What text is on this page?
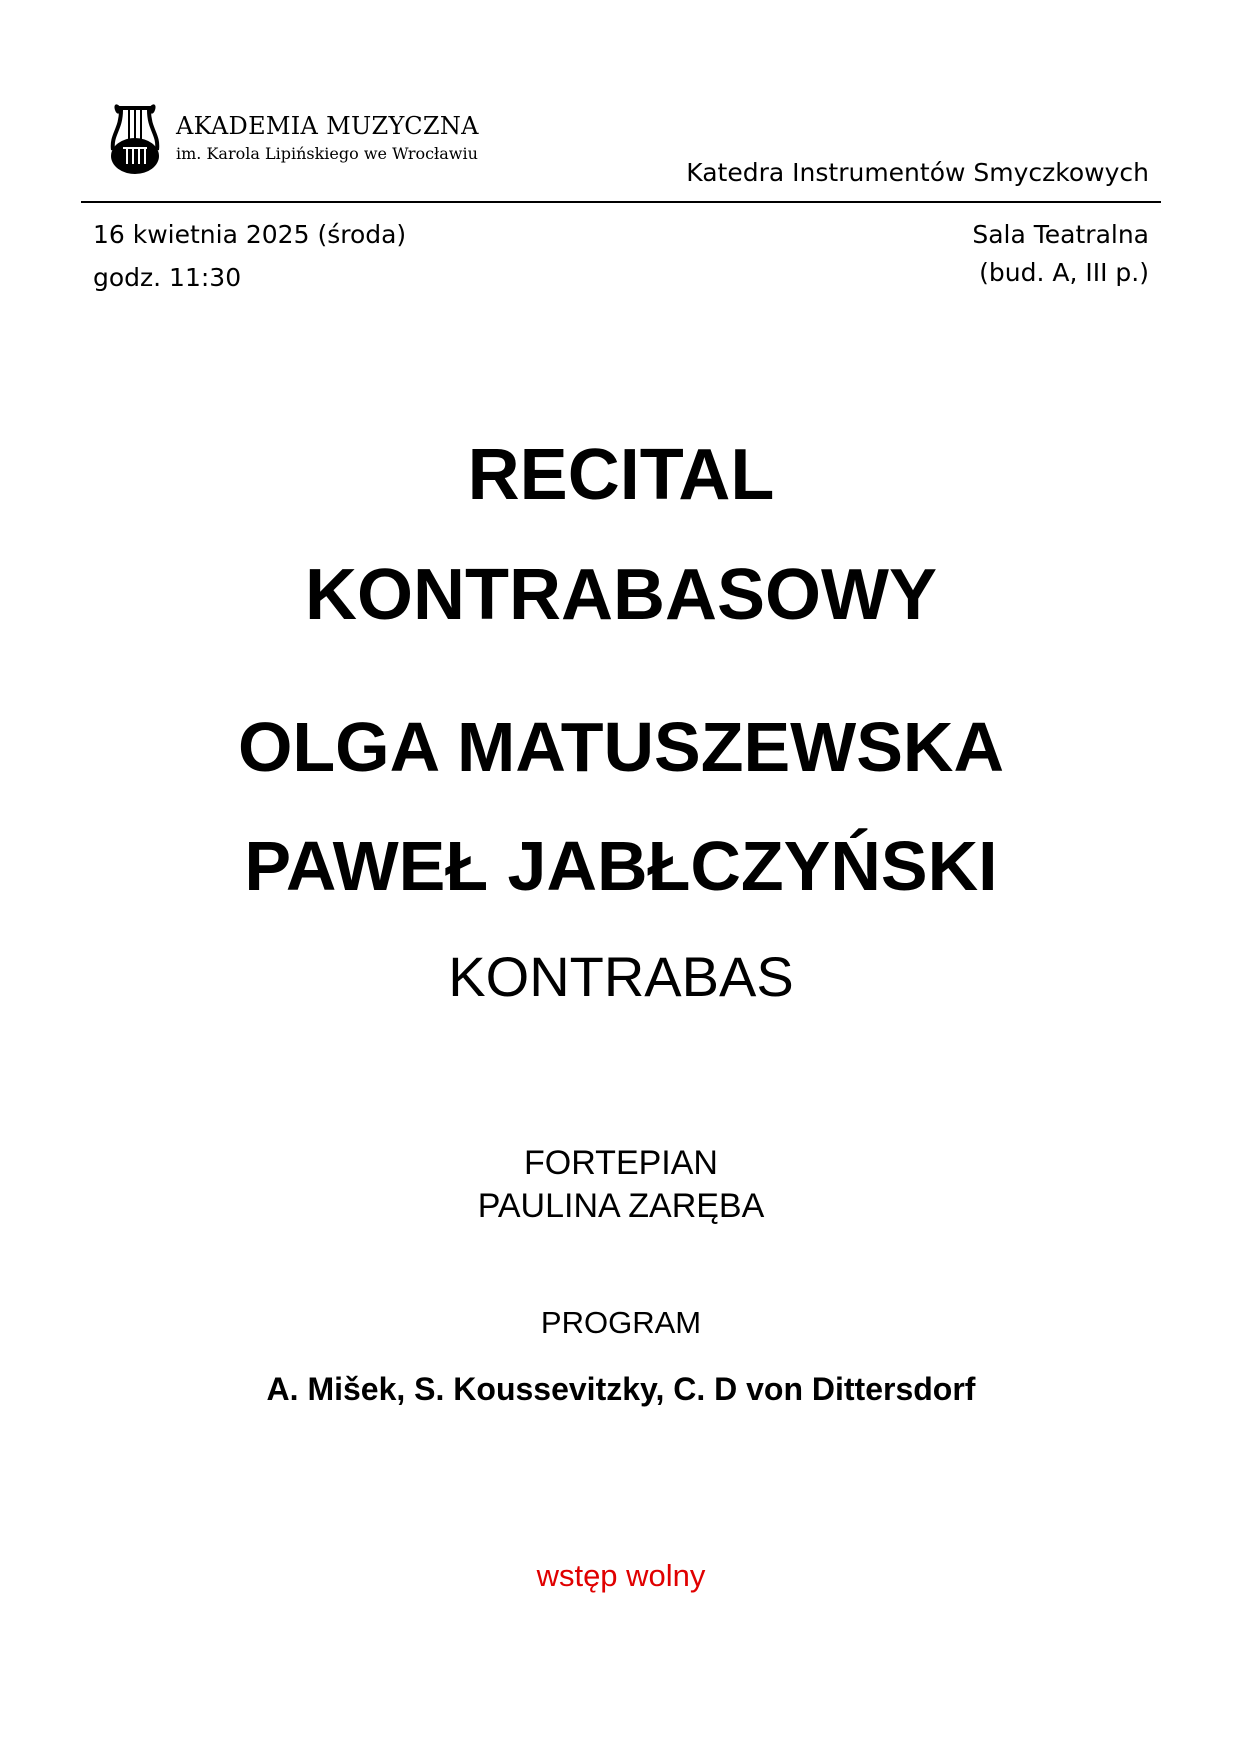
AKADEMIA MUZYCZNA
im. Karola Lipińskiego we Wrocławiu
Katedra Instrumentów Smyczkowych
16 kwietnia 2025 (środa)
godz. 11:30
Sala Teatralna
(bud. A, III p.)
RECITAL
KONTRABASOWY
OLGA MATUSZEWSKA
PAWEŁ JABŁCZYŃSKI
KONTRABAS
FORTEPIAN
PAULINA ZARĘBA
PROGRAM
A. Mišek, S. Koussevitzky, C. D von Dittersdorf
wstęp wolny
